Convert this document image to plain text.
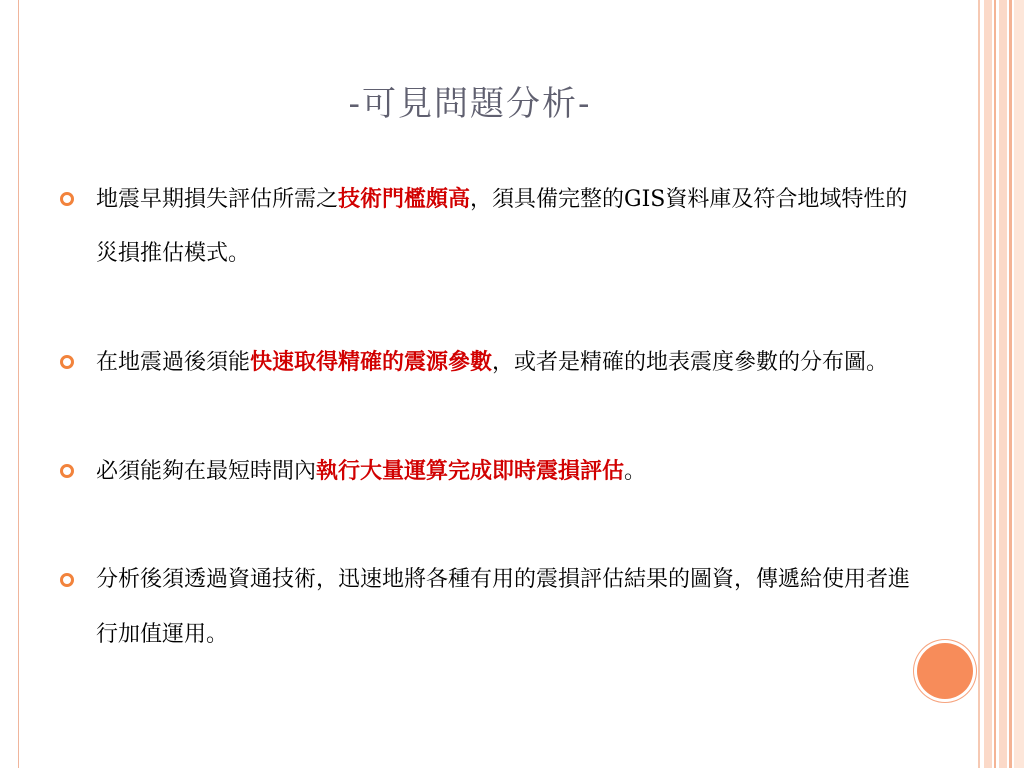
-可見問題分析-
地震早期損失評估所需之技術門檻頗高，須具備完整的GIS資料庫及符合地域特性的災損推估模式。
在地震過後須能快速取得精確的震源參數，或者是精確的地表震度參數的分布圖。
必須能夠在最短時間內執行大量運算完成即時震損評估。
分析後須透過資通技術，迅速地將各種有用的震損評估結果的圖資，傳遞給使用者進行加值運用。
